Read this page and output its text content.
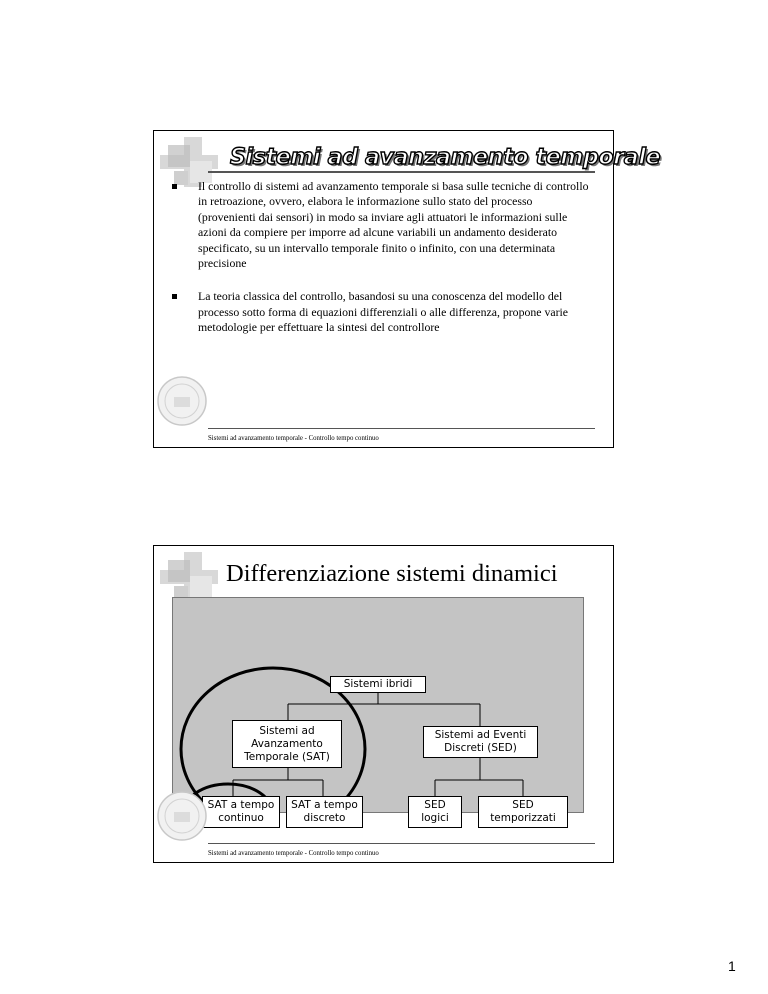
Sistemi ad avanzamento temporale
Il controllo di sistemi ad avanzamento temporale si basa sulle tecniche di controllo in retroazione, ovvero, elabora le informazione sullo stato del processo (provenienti dai sensori) in modo sa inviare agli attuatori le informazioni sulle azioni da compiere per imporre ad alcune variabili un andamento desiderato specificato, su un intervallo temporale finito o infinito, con una determinata precisione
La teoria classica del controllo, basandosi su una conoscenza del modello del processo sotto forma di equazioni differenziali o alle differenza, propone varie metodologie per effettuare la sintesi del controllore
Sistemi ad avanzamento temporale - Controllo tempo continuo
Differenziazione sistemi dinamici
Sistemi ibridi
Sistemi ad
Avanzamento
Temporale (SAT)
Sistemi ad Eventi
Discreti (SED)
SAT a tempo
continuo
SAT a tempo
discreto
SED
logici
SED
temporizzati
Sistemi ad avanzamento temporale - Controllo tempo continuo
1
